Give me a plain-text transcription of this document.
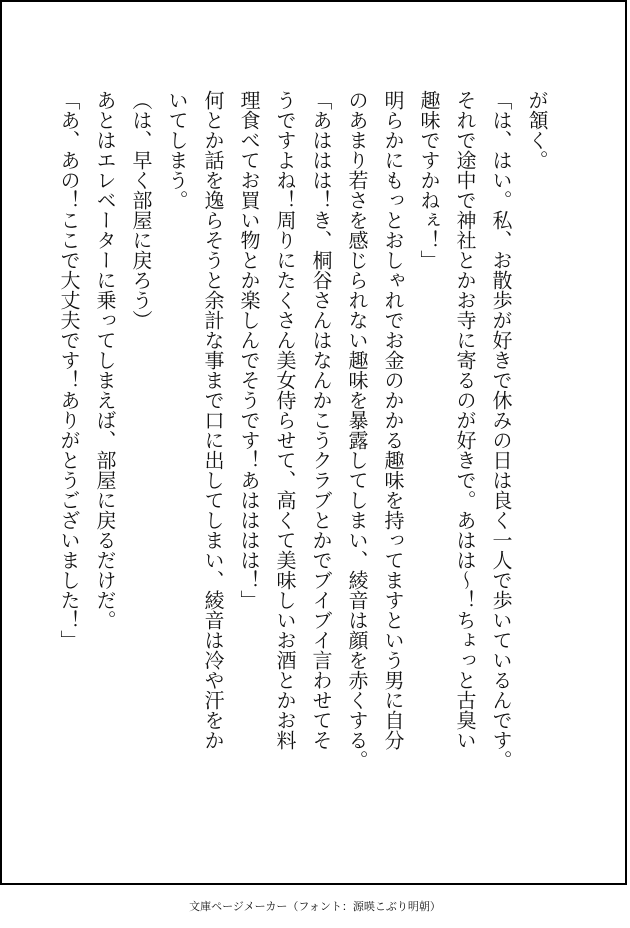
が頷く。
「は、はい。私、お散歩が好きで休みの日は良く一人で歩いているんです。
それで途中で神社とかお寺に寄るのが好きで。あはは〜！ちょっと古臭い
趣味ですかねぇ！」
明らかにもっとおしゃれでお金のかかる趣味を持ってますという男に自分
のあまり若さを感じられない趣味を暴露してしまい、綾音は顔を赤くする。
「あははは！き、桐谷さんはなんかこうクラブとかでブイブイ言わせてそ
うですよね！周りにたくさん美女侍らせて、高くて美味しいお酒とかお料
理食べてお買い物とか楽しんでそうです！あはははは！」
何とか話を逸らそうと余計な事まで口に出してしまい、綾音は冷や汗をか
いてしまう。
（は、早く部屋に戻ろう）
あとはエレベーターに乗ってしまえば、部屋に戻るだけだ。
「あ、あの！ここで大丈夫です！ありがとうございました！」
文庫ページメーカー（フォント：源暎こぶり明朝）
